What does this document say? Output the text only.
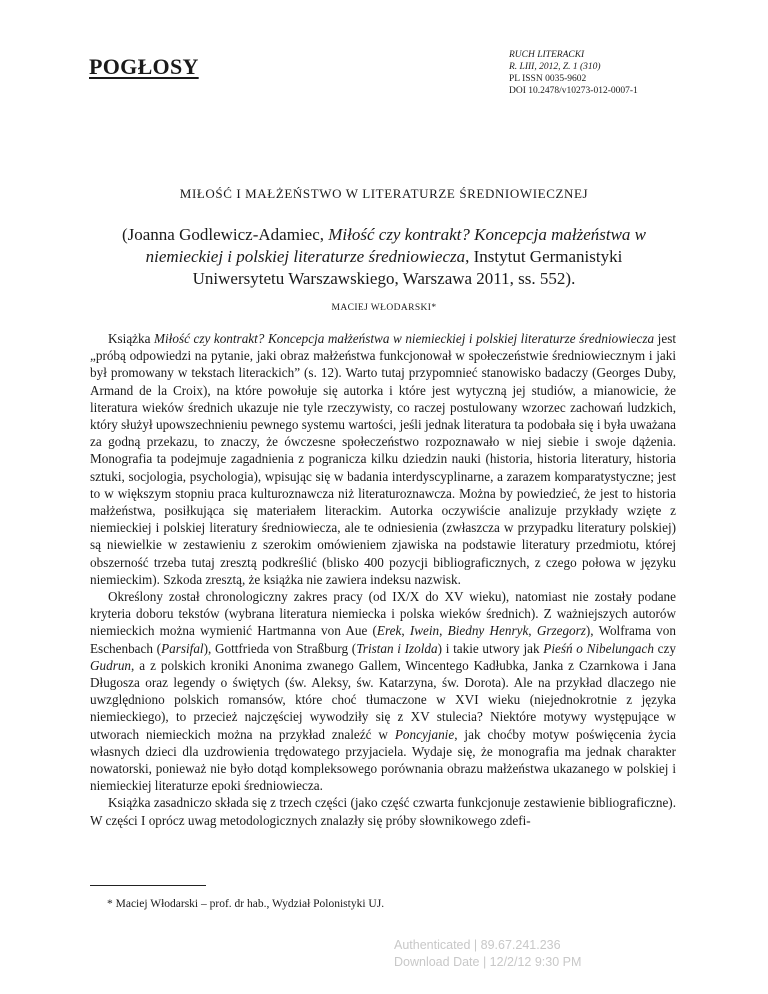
POGŁOSY	RUCH LITERACKI
R. LIII, 2012, Z. 1 (310)
PL ISSN 0035-9602
DOI 10.2478/v10273-012-0007-1
MIŁOŚĆ I MAŁŻEŃSTWO W LITERATURZE ŚREDNIOWIECZNEJ
(Joanna Godlewicz-Adamiec, Miłość czy kontrakt? Koncepcja małżeństwa w niemieckiej i polskiej literaturze średniowiecza, Instytut Germanistyki Uniwersytetu Warszawskiego, Warszawa 2011, ss. 552).
MACIEJ WŁODARSKI*

Książka Miłość czy kontrakt? Koncepcja małżeństwa w niemieckiej i polskiej literaturze średniowiecza jest „próbą odpowiedzi na pytanie, jaki obraz małżeństwa funkcjonował w społeczeństwie średniowiecznym i jaki był promowany w tekstach literackich” (s. 12). Warto tutaj przypomnieć stanowisko badaczy (Georges Duby, Armand de la Croix), na które powołuje się autorka i które jest wytyczną jej studiów, a mianowicie, że literatura wieków średnich ukazuje nie tyle rzeczywisty, co raczej postulowany wzorzec zachowań ludzkich, który służył upowszechnieniu pewnego systemu wartości, jeśli jednak literatura ta podobała się i była uważana za godną przekazu, to znaczy, że ówczesne społeczeństwo rozpoznawało w niej siebie i swoje dążenia. Monografia ta podejmuje zagadnienia z pogranicza kilku dziedzin nauki (historia, historia literatury, historia sztuki, socjologia, psychologia), wpisując się w badania interdyscyplinarne, a zarazem komparatystyczne; jest to w większym stopniu praca kulturoznawcza niż literaturoznawcza. Można by powiedzieć, że jest to historia małżeństwa, posiłkująca się materiałem literackim. Autorka oczywiście analizuje przykłady wzięte z niemieckiej i polskiej literatury średniowiecza, ale te odniesienia (zwłaszcza w przypadku literatury polskiej) są niewielkie w zestawieniu z szerokim omówieniem zjawiska na podstawie literatury przedmiotu, której obszerność trzeba tutaj zresztą podkreślić (blisko 400 pozycji bibliograficznych, z czego połowa w języku niemieckim). Szkoda zresztą, że książka nie zawiera indeksu nazwisk.

Określony został chronologiczny zakres pracy (od IX/X do XV wieku), natomiast nie zostały podane kryteria doboru tekstów (wybrana literatura niemiecka i polska wieków średnich). Z ważniejszych autorów niemieckich można wymienić Hartmanna von Aue (Erek, Iwein, Biedny Henryk, Grzegorz), Wolframa von Eschenbach (Parsifal), Gottfrieda von Straßburg (Tristan i Izolda) i takie utwory jak Pieśń o Nibelungach czy Gudrun, a z polskich kroniki Anonima zwanego Gallem, Wincentego Kadłubka, Janka z Czarnkowa i Jana Długosza oraz legendy o świętych (św. Aleksy, św. Katarzyna, św. Dorota). Ale na przykład dlaczego nie uwzględniono polskich romansów, które choć tłumaczone w XVI wieku (niejednokrotnie z języka niemieckiego), to przecież najczęściej wywodziły się z XV stulecia? Niektóre motywy występujące w utworach niemieckich można na przykład znaleźć w Poncyjanie, jak choćby motyw poświęcenia życia własnych dzieci dla uzdrowienia trędowatego przyjaciela. Wydaje się, że monografia ma jednak charakter nowatorski, ponieważ nie było dotąd kompleksowego porównania obrazu małżeństwa ukazanego w polskiej i niemieckiej literaturze epoki średniowiecza.

Książka zasadniczo składa się z trzech części (jako część czwarta funkcjonuje zestawienie bibliograficzne). W części I oprócz uwag metodologicznych znalazły się próby słownikowego zdefi-

* Maciej Włodarski – prof. dr hab., Wydział Polonistyki UJ.
Authenticated | 89.67.241.236
Download Date | 12/2/12 9:30 PM
